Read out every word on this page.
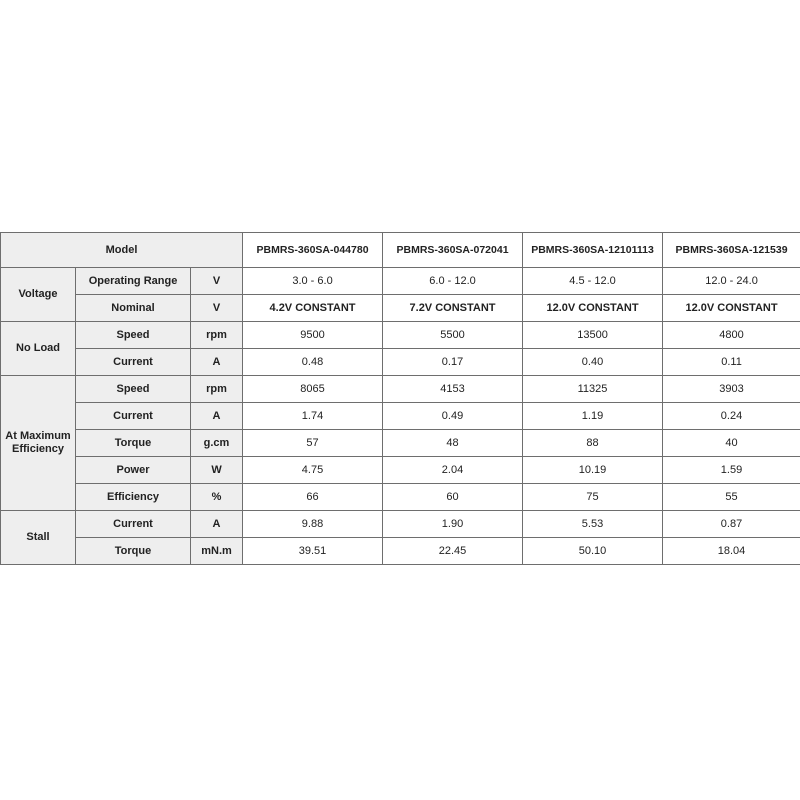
Model			PBMRS-360SA-044780	PBMRS-360SA-072041	PBMRS-360SA-12101113	PBMRS-360SA-121539
Voltage	Operating Range	V	3.0 - 6.0	6.0 - 12.0	4.5 - 12.0	12.0 - 24.0
	Nominal	V	4.2V CONSTANT	7.2V CONSTANT	12.0V CONSTANT	12.0V CONSTANT
No Load	Speed	rpm	9500	5500	13500	4800
	Current	A	0.48	0.17	0.40	0.11
At Maximum Efficiency	Speed	rpm	8065	4153	11325	3903
	Current	A	1.74	0.49	1.19	0.24
	Torque	g.cm	57	48	88	40
	Power	W	4.75	2.04	10.19	1.59
	Efficiency	%	66	60	75	55
Stall	Current	A	9.88	1.90	5.53	0.87
	Torque	mN.m	39.51	22.45	50.10	18.04
